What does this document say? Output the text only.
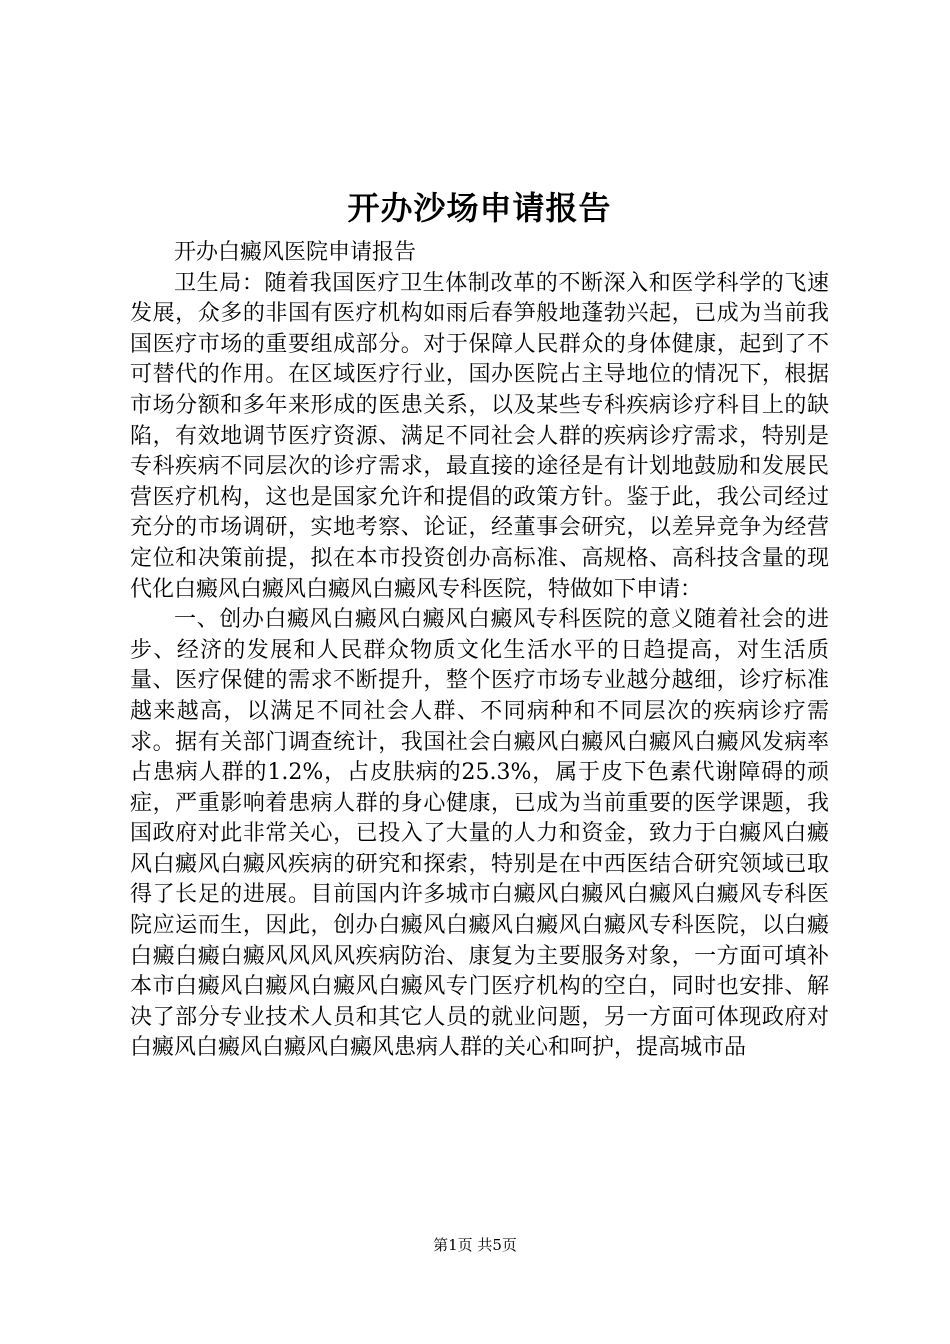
开办沙场申请报告

开办白癜风医院申请报告

卫生局：随着我国医疗卫生体制改革的不断深入和医学科学的飞速发展，众多的非国有医疗机构如雨后春笋般地蓬勃兴起，已成为当前我国医疗市场的重要组成部分。对于保障人民群众的身体健康，起到了不可替代的作用。在区域医疗行业，国办医院占主导地位的情况下，根据市场分额和多年来形成的医患关系，以及某些专科疾病诊疗科目上的缺陷，有效地调节医疗资源、满足不同社会人群的疾病诊疗需求，特别是专科疾病不同层次的诊疗需求，最直接的途径是有计划地鼓励和发展民营医疗机构，这也是国家允许和提倡的政策方针。鉴于此，我公司经过充分的市场调研，实地考察、论证，经董事会研究，以差异竞争为经营定位和决策前提，拟在本市投资创办高标准、高规格、高科技含量的现代化白癜风白癜风白癜风白癜风专科医院，特做如下申请：

一、创办白癜风白癜风白癜风白癜风专科医院的意义随着社会的进步、经济的发展和人民群众物质文化生活水平的日趋提高，对生活质量、医疗保健的需求不断提升，整个医疗市场专业越分越细，诊疗标准越来越高，以满足不同社会人群、不同病种和不同层次的疾病诊疗需求。据有关部门调查统计，我国社会白癜风白癜风白癜风白癜风发病率占患病人群的1.2%，占皮肤病的25.3%，属于皮下色素代谢障碍的顽症，严重影响着患病人群的身心健康，已成为当前重要的医学课题，我国政府对此非常关心，已投入了大量的人力和资金，致力于白癜风白癜风白癜风白癜风疾病的研究和探索，特别是在中西医结合研究领域已取得了长足的进展。目前国内许多城市白癜风白癜风白癜风白癜风专科医院应运而生，因此，创办白癜风白癜风白癜风白癜风专科医院，以白癜白癜白癜白癜风风风风疾病防治、康复为主要服务对象，一方面可填补本市白癜风白癜风白癜风白癜风专门医疗机构的空白，同时也安排、解决了部分专业技术人员和其它人员的就业问题，另一方面可体现政府对白癜风白癜风白癜风白癜风患病人群的关心和呵护，提高城市品

第1页 共5页
